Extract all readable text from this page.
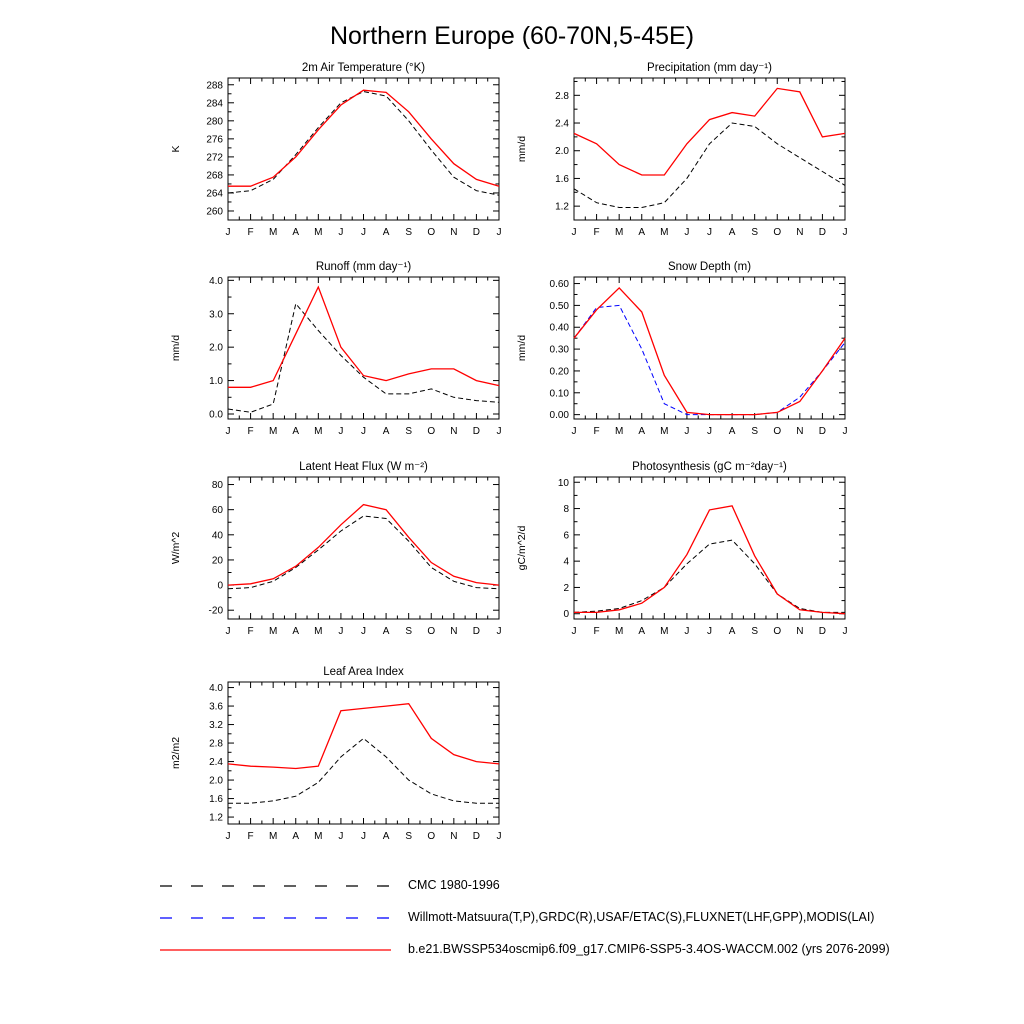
Northern Europe (60-70N,5-45E)
2m Air Temperature (°K)
K
260
264
268
272
276
280
284
288
J F M A M J J A S O N D J
Precipitation (mm day⁻¹)
mm/d
1.2
1.6
2.0
2.4
2.8
J F M A M J J A S O N D J
Runoff (mm day⁻¹)
mm/d
0.0
1.0
2.0
3.0
4.0
J F M A M J J A S O N D J
Snow Depth (m)
mm/d
0.00
0.10
0.20
0.30
0.40
0.50
0.60
J F M A M J J A S O N D J
Latent Heat Flux (W m⁻²)
W/m^2
-20
0
20
40
60
80
J F M A M J J A S O N D J
Photosynthesis (gC m⁻²day⁻¹)
gC/m^2/d
0
2
4
6
8
10
J F M A M J J A S O N D J
Leaf Area Index
m2/m2
1.2
1.6
2.0
2.4
2.8
3.2
3.6
4.0
J F M A M J J A S O N D J
CMC 1980-1996
Willmott-Matsuura(T,P),GRDC(R),USAF/ETAC(S),FLUXNET(LHF,GPP),MODIS(LAI)
b.e21.BWSSP534oscmip6.f09_g17.CMIP6-SSP5-3.4OS-WACCM.002 (yrs 2076-2099)
